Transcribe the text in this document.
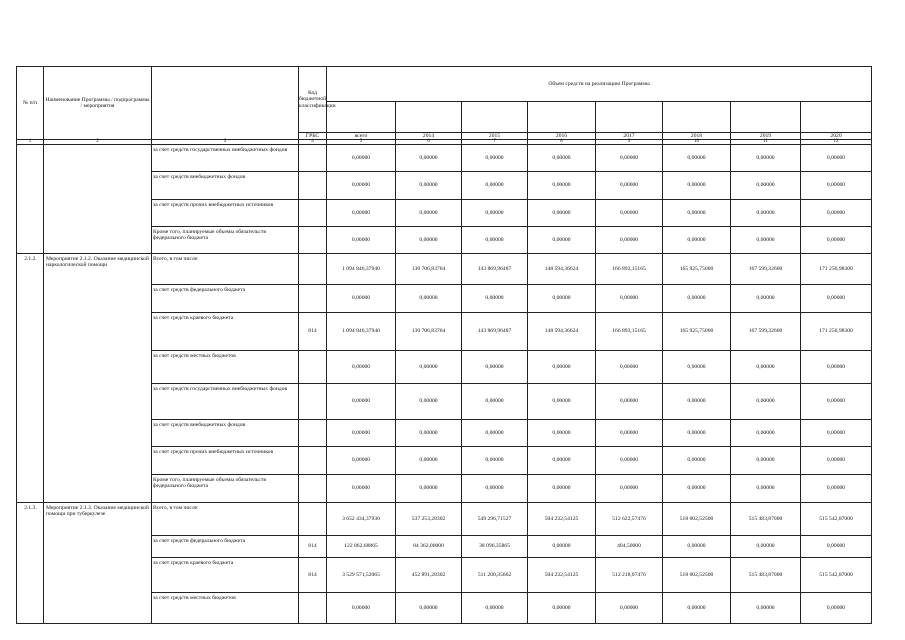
№ п/п	Наименование Программы / подпрограммы / мероприятия		Код бюджетной классификации	Объем средств на реализацию Программы							

			ГРБС	всего	2014	2015	2016	2017	2018	2019	2020
1	2	3	4	5	6	7	8	9	10	11	12
		за счет средств государственных внебюджетных фондов		0,00000	0,00000	0,00000	0,00000	0,00000	0,00000	0,00000	0,00000
		за счет средств внебюджетных фондов		0,00000	0,00000	0,00000	0,00000	0,00000	0,00000	0,00000	0,00000
		за счет средств прочих внебюджетных источников		0,00000	0,00000	0,00000	0,00000	0,00000	0,00000	0,00000	0,00000
		Кроме того, планируемые объемы обязательств федерального бюджета		0,00000	0,00000	0,00000	0,00000	0,00000	0,00000	0,00000	0,00000
2.1.2.	Мероприятие 2.1.2. Оказание медицинской наркологической помощи	Всего, в том числе:		1 094 846,37940	130 706,83764	143 869,96487	148 594,36624	166 893,15165	165 925,75000	167 599,32600	171 256,98300
		за счет средств федерального бюджета		0,00000	0,00000	0,00000	0,00000	0,00000	0,00000	0,00000	0,00000
		за счет средств краевого бюджета	814	1 094 846,37940	130 706,83764	143 869,96487	148 594,36624	166 893,15165	165 925,75000	167 599,32600	171 256,98300
		за счет средств местных бюджетов		0,00000	0,00000	0,00000	0,00000	0,00000	0,00000	0,00000	0,00000
		за счет средств государственных внебюджетных фондов		0,00000	0,00000	0,00000	0,00000	0,00000	0,00000	0,00000	0,00000
		за счет средств внебюджетных фондов		0,00000	0,00000	0,00000	0,00000	0,00000	0,00000	0,00000	0,00000
		за счет средств прочих внебюджетных источников		0,00000	0,00000	0,00000	0,00000	0,00000	0,00000	0,00000	0,00000
		Кроме того, планируемые объемы обязательств федерального бюджета		0,00000	0,00000	0,00000	0,00000	0,00000	0,00000	0,00000	0,00000
2.1.3.	Мероприятие 2.1.3. Оказание медицинской помощи при туберкулезе	Всего, в том числе:		3 652 434,37930	537 253,28302	549 296,71527	504 232,54125	512 622,57476	518 002,52500	515 483,87000	515 542,87000
		за счет средств федерального бюджета	814	122 862,68865	84 362,00000	38 096,35865	0,00000	404,50000	0,00000	0,00000	0,00000
		за счет средств краевого бюджета	814	3 529 571,52065	452 891,28302	511 200,35662	504 232,54125	512 218,07476	518 002,52500	515 483,87000	515 542,87000
		за счет средств местных бюджетов		0,00000	0,00000	0,00000	0,00000	0,00000	0,00000	0,00000	0,00000
